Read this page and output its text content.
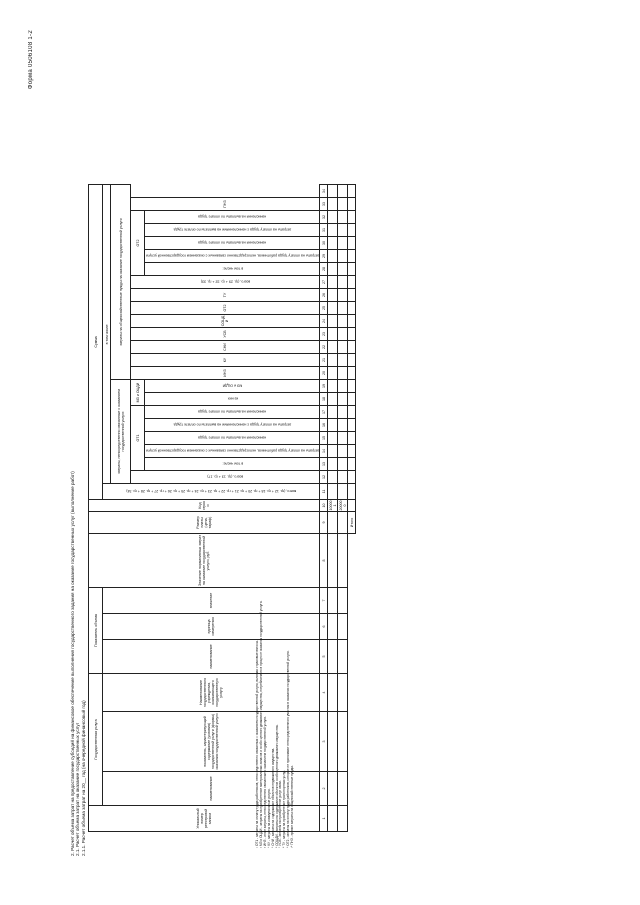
Форма 0506108 1-2
2. Расчет объема затрат на предоставление субсидий на финансовое обеспечение выполнения государственного задания на оказание государственных услуг (выполнение работ) 2.1. Расчет объема затрат на оказание государственных услуг 2.1.1. Расчет объема затрат на 20__ год (на очередной финансовый год)	Уникальный номер реестровой записи	Государственная услуга			Показатель объема			Значение нормативных затрат на оказание государственной услуги, руб.	Размер платы (цена, тариф)	Код строки	Сумма																							
	наименование	показатель, характеризующий содержание (условия) государственной услуги (формы) оказания государственной услуги	Наименование государственного учреждения, оказывающего государственную услугу	наименование	единица измерения	значение				всего, (гр. 12 + гр. 18 + гр. 20 + гр. 21 + гр. 22 + гр. 23 + гр. 24 + гр. 25 + гр. 26 + гр. 27 + гр. 28 + гр. 34)	в том числе:																						
											затраты, непосредственно связанные с оказанием государственной услуги								затраты на общехозяйственные нужды на оказание государственной услуги														
											всего, (гр. 13 + гр. 17)	ОТ1					МЗ и ОЦДИ		ИНЗ	КУ	СНИ	УСВ	СОЦДИ	ОТ2	ТУ	всего, (гр. 29 + гр. 32 + гр. 33)	ОТ2					ПНЗ	
												в том числе:	затраты на оплату труда работников, непосредственно связанных с оказанием государственной услуги	начисления на выплаты по оплате труда	затраты на оплату труда с начислениями на выплаты по оплате труда	начисления на выплаты по оплате труда	из них	МЗ и ОЦДИ									в том числе:	затраты на оплату труда работников, непосредственно связанных с оказанием государственной услуги	начисления на выплаты по оплате труда	затраты на оплату труда с начислениями на выплаты по оплате труда	начисления на выплаты по оплате труда		
1	2	3	4	5	6	7	8	9	10	11	12	13	14	15	16	17	18	19	20	21	22	23	24	25	26	27	28	29	30	31	32	33	34
									100001																								
									200000																								
								Итого																									
¹ ОТ1 - затраты на оплату труда работников, непосредственно связанных с оказанием государственной услуги, включая страховые взносы. ² МЗ и ОЦДИ - затраты на приобретение материальных запасов и особо ценного движимого имущества, потребляемого в процессе оказания государственной услуги. ³ ИНЗ - иные затраты, непосредственно связанные с оказанием государственной услуги. ⁴ КУ - затраты на коммунальные услуги. ⁵ СНИ - затраты на содержание объектов недвижимого имущества. ⁶ СОЦДИ - затраты на содержание объектов особо ценного движимого имущества. ⁷ УСВ - затраты на приобретение услуг связи. ⁸ ТУ - затраты на приобретение транспортных услуг. ⁹ ОТ2 - затраты на оплату труда работников, которые не принимают непосредственного участия в оказании государственной услуги. ¹⁰ ПНЗ - прочие затраты на общехозяйственные нужды.
